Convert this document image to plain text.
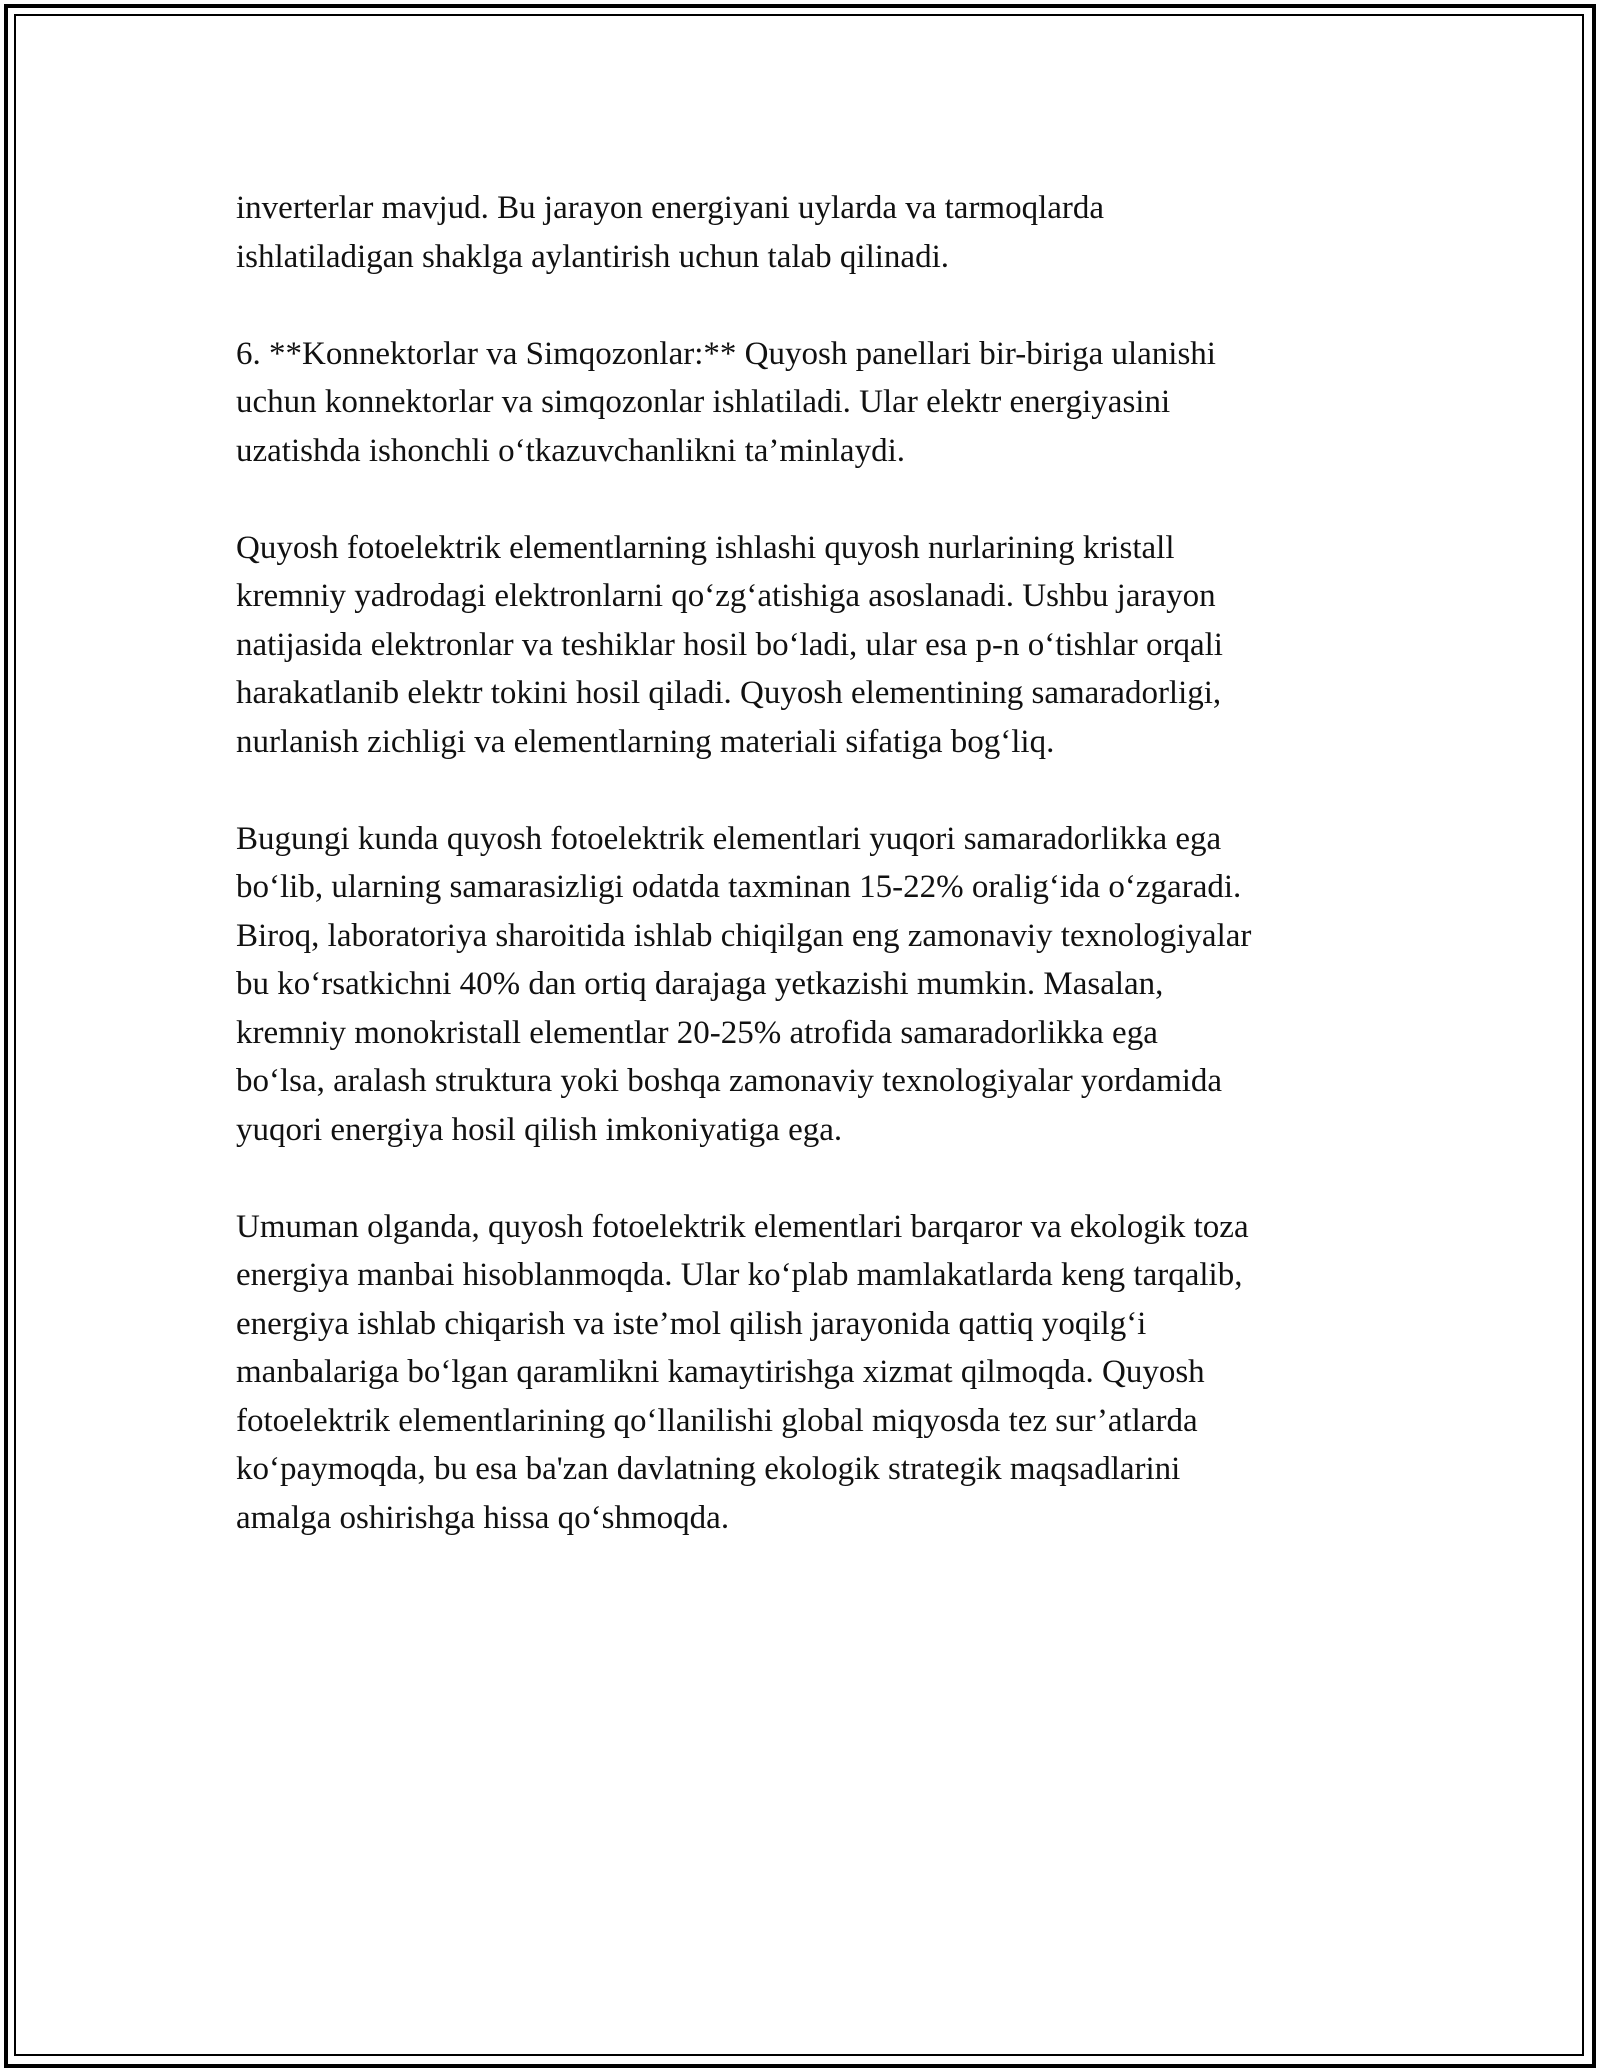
inverterlar mavjud. Bu jarayon energiyani uylarda va tarmoqlarda
ishlatiladigan shaklga aylantirish uchun talab qilinadi.

6. **Konnektorlar va Simqozonlar:** Quyosh panellari bir-biriga ulanishi
uchun konnektorlar va simqozonlar ishlatiladi. Ular elektr energiyasini
uzatishda ishonchli o‘tkazuvchanlikni ta’minlaydi.

Quyosh fotoelektrik elementlarning ishlashi quyosh nurlarining kristall
kremniy yadrodagi elektronlarni qo‘zg‘atishiga asoslanadi. Ushbu jarayon
natijasida elektronlar va teshiklar hosil bo‘ladi, ular esa p-n o‘tishlar orqali
harakatlanib elektr tokini hosil qiladi. Quyosh elementining samaradorligi,
nurlanish zichligi va elementlarning materiali sifatiga bog‘liq.

Bugungi kunda quyosh fotoelektrik elementlari yuqori samaradorlikka ega
bo‘lib, ularning samarasizligi odatda taxminan 15-22% oralig‘ida o‘zgaradi.
Biroq, laboratoriya sharoitida ishlab chiqilgan eng zamonaviy texnologiyalar
bu ko‘rsatkichni 40% dan ortiq darajaga yetkazishi mumkin. Masalan,
kremniy monokristall elementlar 20-25% atrofida samaradorlikka ega
bo‘lsa, aralash struktura yoki boshqa zamonaviy texnologiyalar yordamida
yuqori energiya hosil qilish imkoniyatiga ega.

Umuman olganda, quyosh fotoelektrik elementlari barqaror va ekologik toza
energiya manbai hisoblanmoqda. Ular ko‘plab mamlakatlarda keng tarqalib,
energiya ishlab chiqarish va iste’mol qilish jarayonida qattiq yoqilg‘i
manbalariga bo‘lgan qaramlikni kamaytirishga xizmat qilmoqda. Quyosh
fotoelektrik elementlarining qo‘llanilishi global miqyosda tez sur’atlarda
ko‘paymoqda, bu esa ba'zan davlatning ekologik strategik maqsadlarini
amalga oshirishga hissa qo‘shmoqda.
